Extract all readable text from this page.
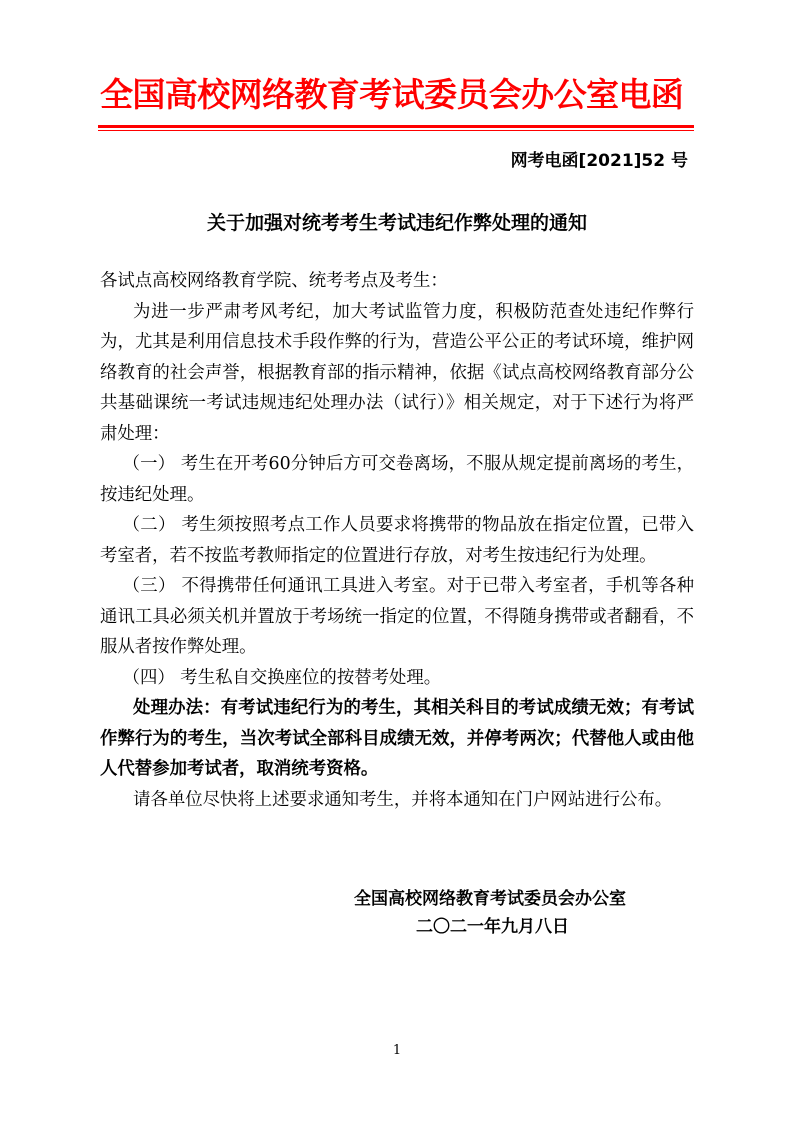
全国高校网络教育考试委员会办公室电函
网考电函[2021]52 号
关于加强对统考考生考试违纪作弊处理的通知

各试点高校网络教育学院、统考考点及考生：

为进一步严肃考风考纪，加大考试监管力度，积极防范查处违纪作弊行为，尤其是利用信息技术手段作弊的行为，营造公平公正的考试环境，维护网络教育的社会声誉，根据教育部的指示精神，依据《试点高校网络教育部分公共基础课统一考试违规违纪处理办法（试行）》相关规定，对于下述行为将严肃处理：

（一） 考生在开考60分钟后方可交卷离场，不服从规定提前离场的考生，按违纪处理。

（二） 考生须按照考点工作人员要求将携带的物品放在指定位置，已带入考室者，若不按监考教师指定的位置进行存放，对考生按违纪行为处理。

（三） 不得携带任何通讯工具进入考室。对于已带入考室者，手机等各种通讯工具必须关机并置放于考场统一指定的位置，不得随身携带或者翻看，不服从者按作弊处理。

（四） 考生私自交换座位的按替考处理。

处理办法：有考试违纪行为的考生，其相关科目的考试成绩无效；有考试作弊行为的考生，当次考试全部科目成绩无效，并停考两次；代替他人或由他人代替参加考试者，取消统考资格。

请各单位尽快将上述要求通知考生，并将本通知在门户网站进行公布。

全国高校网络教育考试委员会办公室
二〇二一年九月八日
1
